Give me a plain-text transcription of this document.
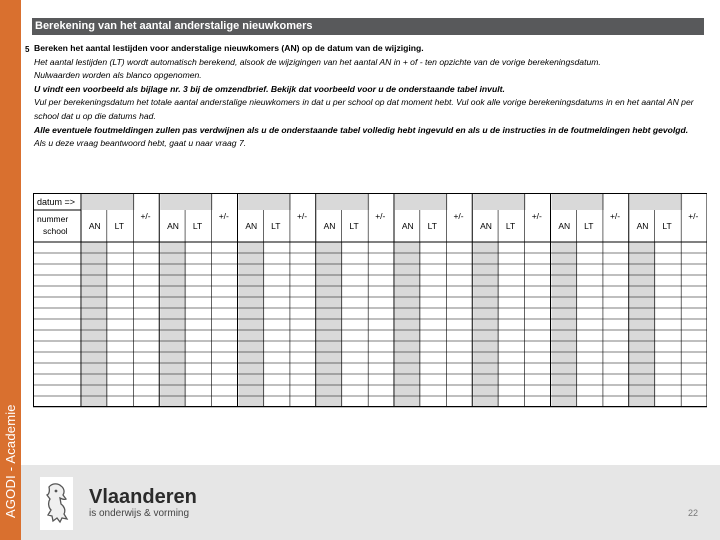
AGODI - Academie
Berekening van het aantal anderstalige nieuwkomers
5 Bereken het aantal lestijden voor anderstalige nieuwkomers (AN) op de datum van de wijziging.

Het aantal lestijden (LT) wordt automatisch berekend, alsook de wijzigingen van het aantal AN in + of - ten opzichte van de vorige berekeningsdatum.

Nulwaarden worden als blanco opgenomen.

U vindt een voorbeeld als bijlage nr. 3 bij de omzendbrief. Bekijk dat voorbeeld voor u de onderstaande tabel invult.

Vul per berekeningsdatum het totale aantal anderstalige nieuwkomers in dat u per school op dat moment hebt. Vul ook alle vorige berekeningsdatums in en het aantal AN per school dat u op die datums had.

Alle eventuele foutmeldingen zullen pas verdwijnen als u de onderstaande tabel volledig hebt ingevuld en als u de instructies in de foutmeldingen hebt gevolgd.

Als u deze vraag beantwoord hebt, gaat u naar vraag 7.

datum =>
nummer
school AN LT
+/-
AN LT
+/-
AN LT
+/-
AN LT
+/-
AN LT
+/-
AN LT
+/-
AN LT
+/-
AN LT
+/-
Vlaanderen
is onderwijs & vorming	22
